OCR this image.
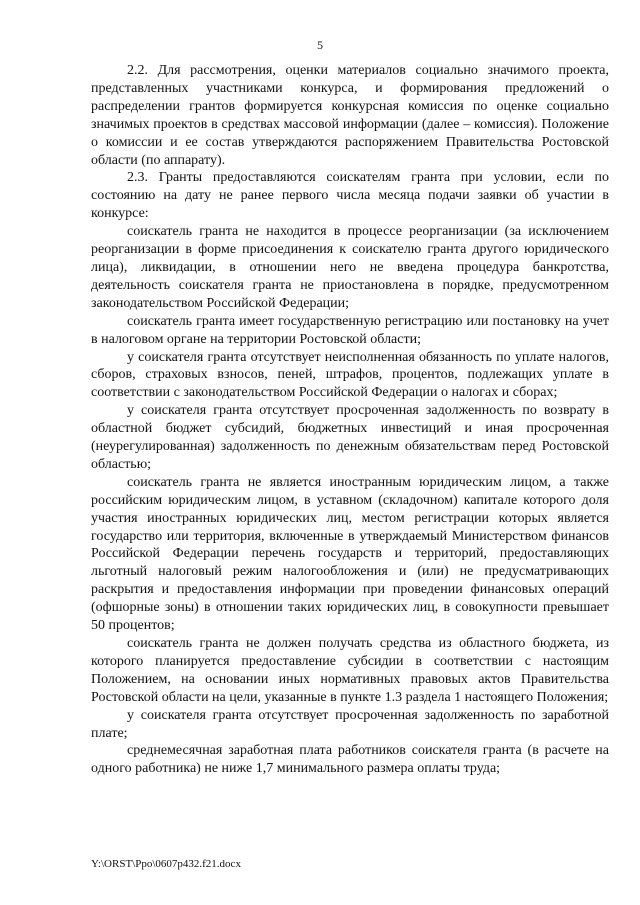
5

2.2. Для рассмотрения, оценки материалов социально значимого проекта, представленных участниками конкурса, и формирования предложений о распределении грантов формируется конкурсная комиссия по оценке социально значимых проектов в средствах массовой информации (далее – комиссия). Положение о комиссии и ее состав утверждаются распоряжением Правительства Ростовской области (по аппарату).

2.3. Гранты предоставляются соискателям гранта при условии, если по состоянию на дату не ранее первого числа месяца подачи заявки об участии в конкурсе:

соискатель гранта не находится в процессе реорганизации (за исключением реорганизации в форме присоединения к соискателю гранта другого юридического лица), ликвидации, в отношении него не введена процедура банкротства, деятельность соискателя гранта не приостановлена в порядке, предусмотренном законодательством Российской Федерации;

соискатель гранта имеет государственную регистрацию или постановку на учет в налоговом органе на территории Ростовской области;

у соискателя гранта отсутствует неисполненная обязанность по уплате налогов, сборов, страховых взносов, пеней, штрафов, процентов, подлежащих уплате в соответствии с законодательством Российской Федерации о налогах и сборах;

у соискателя гранта отсутствует просроченная задолженность по возврату в областной бюджет субсидий, бюджетных инвестиций и иная просроченная (неурегулированная) задолженность по денежным обязательствам перед Ростовской областью;

соискатель гранта не является иностранным юридическим лицом, а также российским юридическим лицом, в уставном (складочном) капитале которого доля участия иностранных юридических лиц, местом регистрации которых является государство или территория, включенные в утверждаемый Министерством финансов Российской Федерации перечень государств и территорий, предоставляющих льготный налоговый режим налогообложения и (или) не предусматривающих раскрытия и предоставления информации при проведении финансовых операций (офшорные зоны) в отношении таких юридических лиц, в совокупности превышает 50 процентов;

соискатель гранта не должен получать средства из областного бюджета, из которого планируется предоставление субсидии в соответствии с настоящим Положением, на основании иных нормативных правовых актов Правительства Ростовской области на цели, указанные в пункте 1.3 раздела 1 настоящего Положения;

у соискателя гранта отсутствует просроченная задолженность по заработной плате;

среднемесячная заработная плата работников соискателя гранта (в расчете на одного работника) не ниже 1,7 минимального размера оплаты труда;

Y:\ORST\Ppo\0607p432.f21.docx
